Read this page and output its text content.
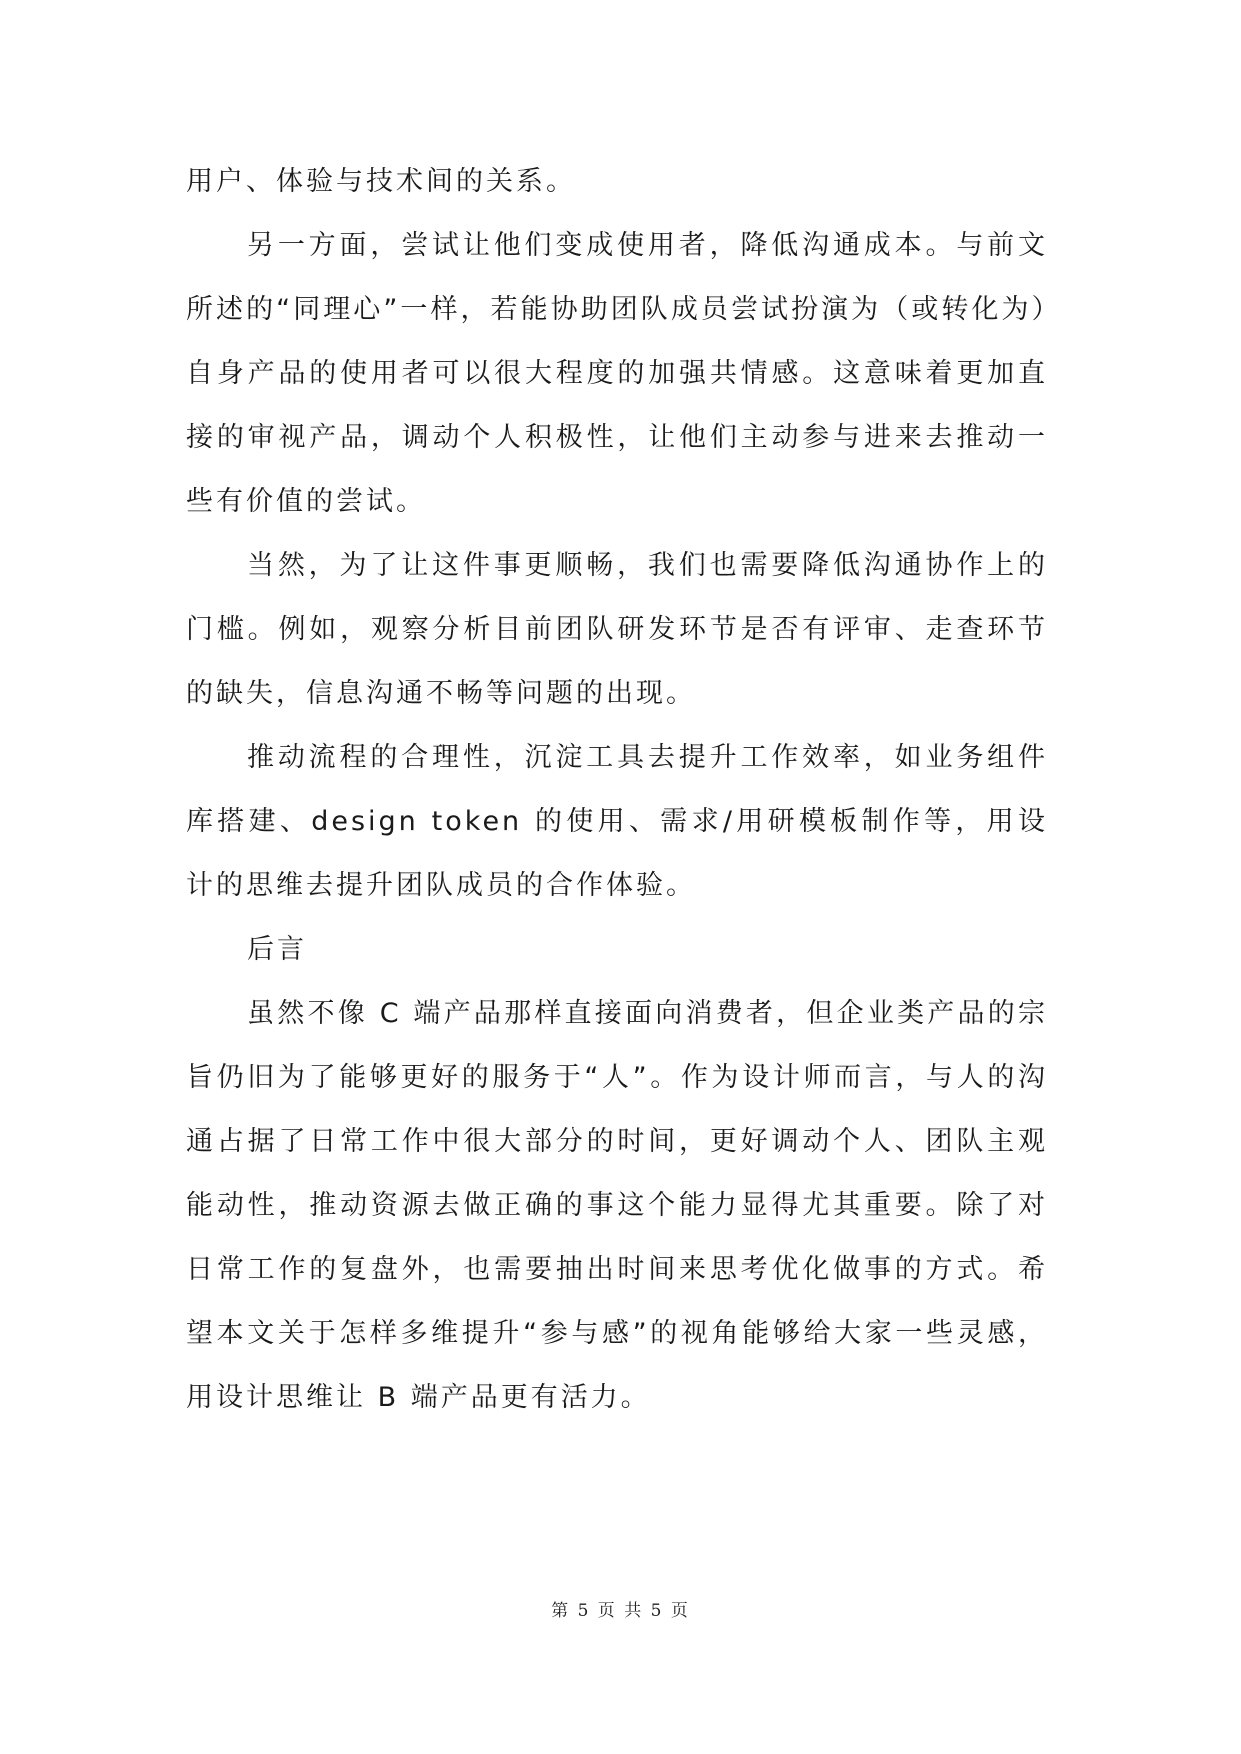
用户、体验与技术间的关系。

另一方面，尝试让他们变成使用者，降低沟通成本。与前文所述的“同理心”一样，若能协助团队成员尝试扮演为（或转化为）自身产品的使用者可以很大程度的加强共情感。这意味着更加直接的审视产品，调动个人积极性，让他们主动参与进来去推动一些有价值的尝试。

当然，为了让这件事更顺畅，我们也需要降低沟通协作上的门槛。例如，观察分析目前团队研发环节是否有评审、走查环节的缺失，信息沟通不畅等问题的出现。

推动流程的合理性，沉淀工具去提升工作效率，如业务组件库搭建、design token 的使用、需求/用研模板制作等，用设计的思维去提升团队成员的合作体验。

后言

虽然不像 C 端产品那样直接面向消费者，但企业类产品的宗旨仍旧为了能够更好的服务于“人”。作为设计师而言，与人的沟通占据了日常工作中很大部分的时间，更好调动个人、团队主观能动性，推动资源去做正确的事这个能力显得尤其重要。除了对日常工作的复盘外，也需要抽出时间来思考优化做事的方式。希望本文关于怎样多维提升“参与感”的视角能够给大家一些灵感，用设计思维让 B 端产品更有活力。

第 5 页 共 5 页
